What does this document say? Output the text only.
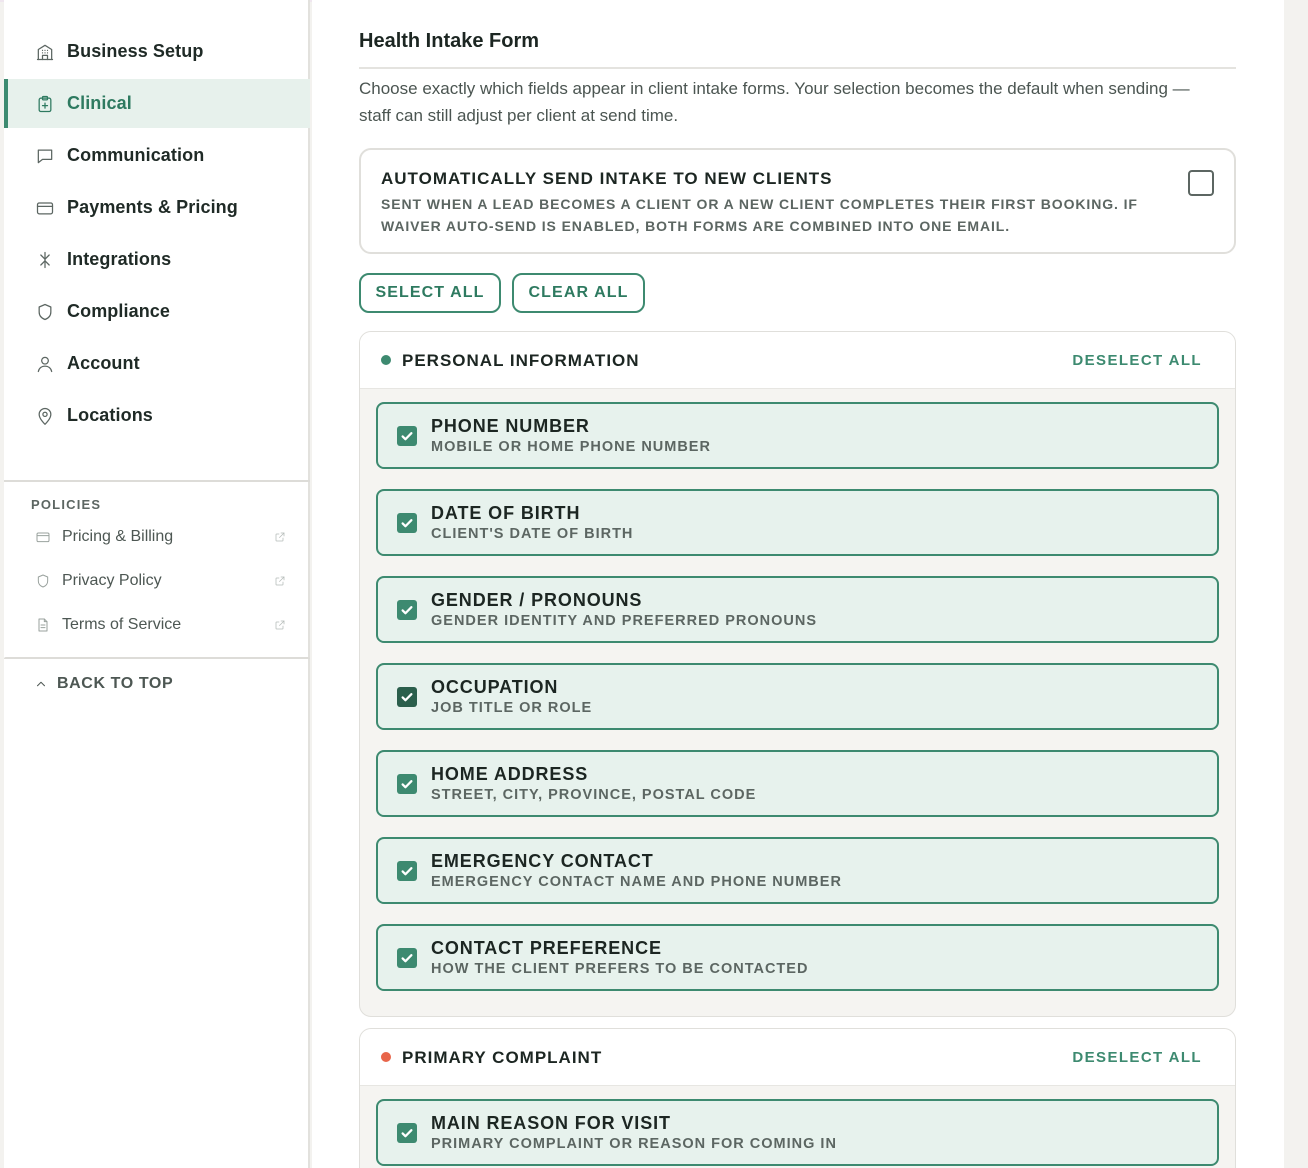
Business Setup
Clinical
Communication
Payments & Pricing
Integrations
Compliance
Account
Locations
POLICIES
Pricing & Billing
Privacy Policy
Terms of Service
BACK TO TOP
Health Intake Form

Choose exactly which fields appear in client intake forms. Your selection becomes the default when sending — staff can still adjust per client at send time.

AUTOMATICALLY SEND INTAKE TO NEW CLIENTS
SENT WHEN A LEAD BECOMES A CLIENT OR A NEW CLIENT COMPLETES THEIR FIRST BOOKING. IF WAIVER AUTO-SEND IS ENABLED, BOTH FORMS ARE COMBINED INTO ONE EMAIL.
SELECT ALL	CLEAR ALL
PERSONAL INFORMATION	DESELECT ALL
PHONE NUMBER
MOBILE OR HOME PHONE NUMBER
DATE OF BIRTH
CLIENT'S DATE OF BIRTH
GENDER / PRONOUNS
GENDER IDENTITY AND PREFERRED PRONOUNS
OCCUPATION
JOB TITLE OR ROLE
HOME ADDRESS
STREET, CITY, PROVINCE, POSTAL CODE
EMERGENCY CONTACT
EMERGENCY CONTACT NAME AND PHONE NUMBER
CONTACT PREFERENCE
HOW THE CLIENT PREFERS TO BE CONTACTED
PRIMARY COMPLAINT	DESELECT ALL
MAIN REASON FOR VISIT
PRIMARY COMPLAINT OR REASON FOR COMING IN
